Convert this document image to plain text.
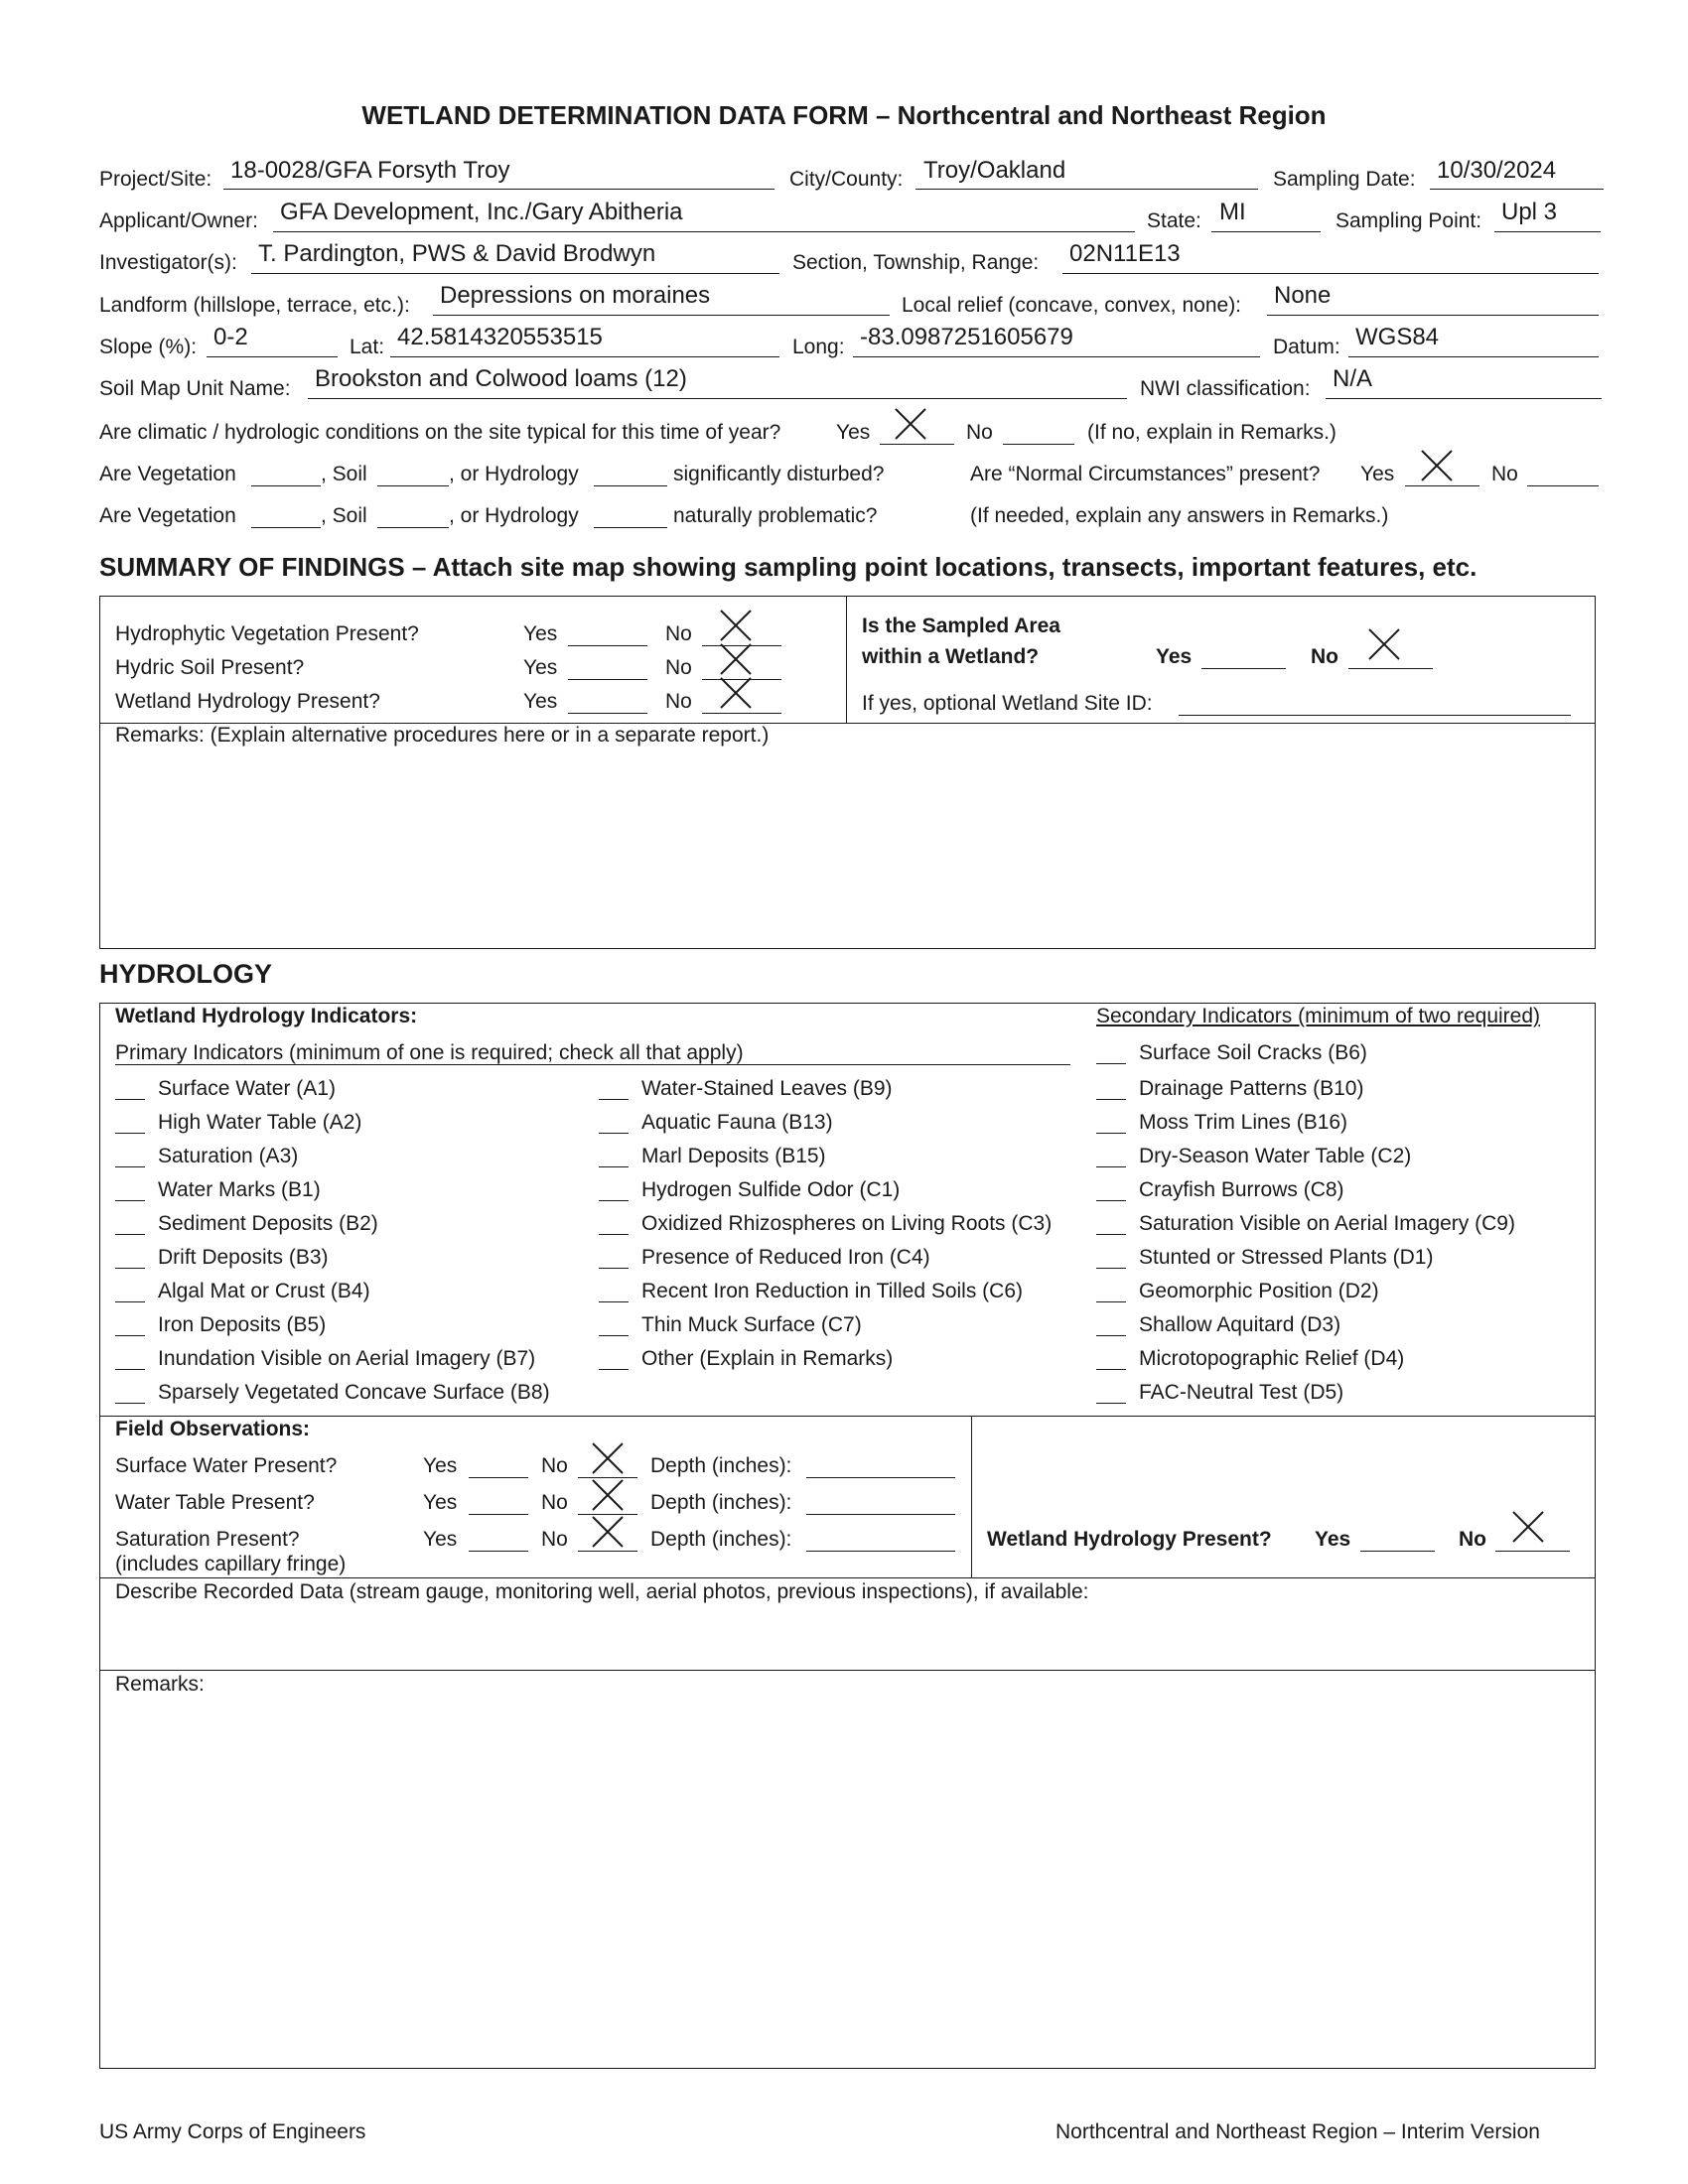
WETLAND DETERMINATION DATA FORM – Northcentral and Northeast Region
Project/Site: 18-0028/GFA Forsyth Troy	City/County: Troy/Oakland	Sampling Date: 10/30/2024
Applicant/Owner: GFA Development, Inc./Gary Abitheria	State: MI	Sampling Point: Upl 3
Investigator(s): T. Pardington, PWS & David Brodwyn	Section, Township, Range: 02N11E13
Landform (hillslope, terrace, etc.): Depressions on moraines	Local relief (concave, convex, none): None
Slope (%): 0-2	Lat: 42.5814320553515	Long: -83.0987251605679	Datum: WGS84
Soil Map Unit Name: Brookston and Colwood loams (12)	NWI classification: N/A
Are climatic / hydrologic conditions on the site typical for this time of year?	Yes	No	(If no, explain in Remarks.)
Are Vegetation	, Soil	, or Hydrology	significantly disturbed?	Are “Normal Circumstances” present? Yes	No
Are Vegetation	, Soil	, or Hydrology	naturally problematic?	(If needed, explain any answers in Remarks.)
SUMMARY OF FINDINGS – Attach site map showing sampling point locations, transects, important features, etc.
Hydrophytic Vegetation Present?	Yes	No
Hydric Soil Present?	Yes	No
Wetland Hydrology Present?	Yes	No
Is the Sampled Area
within a Wetland?	Yes	No
If yes, optional Wetland Site ID:
Remarks: (Explain alternative procedures here or in a separate report.)
HYDROLOGY
Wetland Hydrology Indicators:	Secondary Indicators (minimum of two required)
Primary Indicators (minimum of one is required; check all that apply)
Surface Water (A1)
High Water Table (A2)
Saturation (A3)
Water Marks (B1)
Sediment Deposits (B2)
Drift Deposits (B3)
Algal Mat or Crust (B4)
Iron Deposits (B5)
Inundation Visible on Aerial Imagery (B7)
Sparsely Vegetated Concave Surface (B8)
Water-Stained Leaves (B9)
Aquatic Fauna (B13)
Marl Deposits (B15)
Hydrogen Sulfide Odor (C1)
Oxidized Rhizospheres on Living Roots (C3)
Presence of Reduced Iron (C4)
Recent Iron Reduction in Tilled Soils (C6)
Thin Muck Surface (C7)
Other (Explain in Remarks)
Surface Soil Cracks (B6)
Drainage Patterns (B10)
Moss Trim Lines (B16)
Dry-Season Water Table (C2)
Crayfish Burrows (C8)
Saturation Visible on Aerial Imagery (C9)
Stunted or Stressed Plants (D1)
Geomorphic Position (D2)
Shallow Aquitard (D3)
Microtopographic Relief (D4)
FAC-Neutral Test (D5)
Field Observations:
Surface Water Present?	Yes	No	Depth (inches):
Water Table Present?	Yes	No	Depth (inches):
Saturation Present?	Yes	No	Depth (inches):
(includes capillary fringe)
Wetland Hydrology Present? Yes	No
Describe Recorded Data (stream gauge, monitoring well, aerial photos, previous inspections), if available:
Remarks:
US Army Corps of Engineers	Northcentral and Northeast Region – Interim Version
